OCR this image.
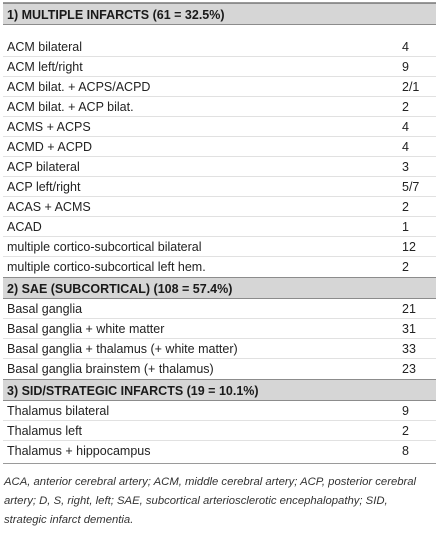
1) MULTIPLE INFARCTS (61 = 32.5%)
ACM bilateral	4
ACM left/right	9
ACM bilat. + ACPS/ACPD	2/1
ACM bilat. + ACP bilat.	2
ACMS + ACPS	4
ACMD + ACPD	4
ACP bilateral	3
ACP left/right	5/7
ACAS + ACMS	2
ACAD	1
multiple cortico-subcortical bilateral	12
multiple cortico-subcortical left hem.	2
2) SAE (SUBCORTICAL) (108 = 57.4%)
Basal ganglia	21
Basal ganglia + white matter	31
Basal ganglia + thalamus (+ white matter)	33
Basal ganglia brainstem (+ thalamus)	23
3) SID/STRATEGIC INFARCTS (19 = 10.1%)
Thalamus bilateral	9
Thalamus left	2
Thalamus + hippocampus	8

ACA, anterior cerebral artery; ACM, middle cerebral artery; ACP, posterior cerebral artery; D, S, right, left; SAE, subcortical arteriosclerotic encephalopathy; SID, strategic infarct dementia.
